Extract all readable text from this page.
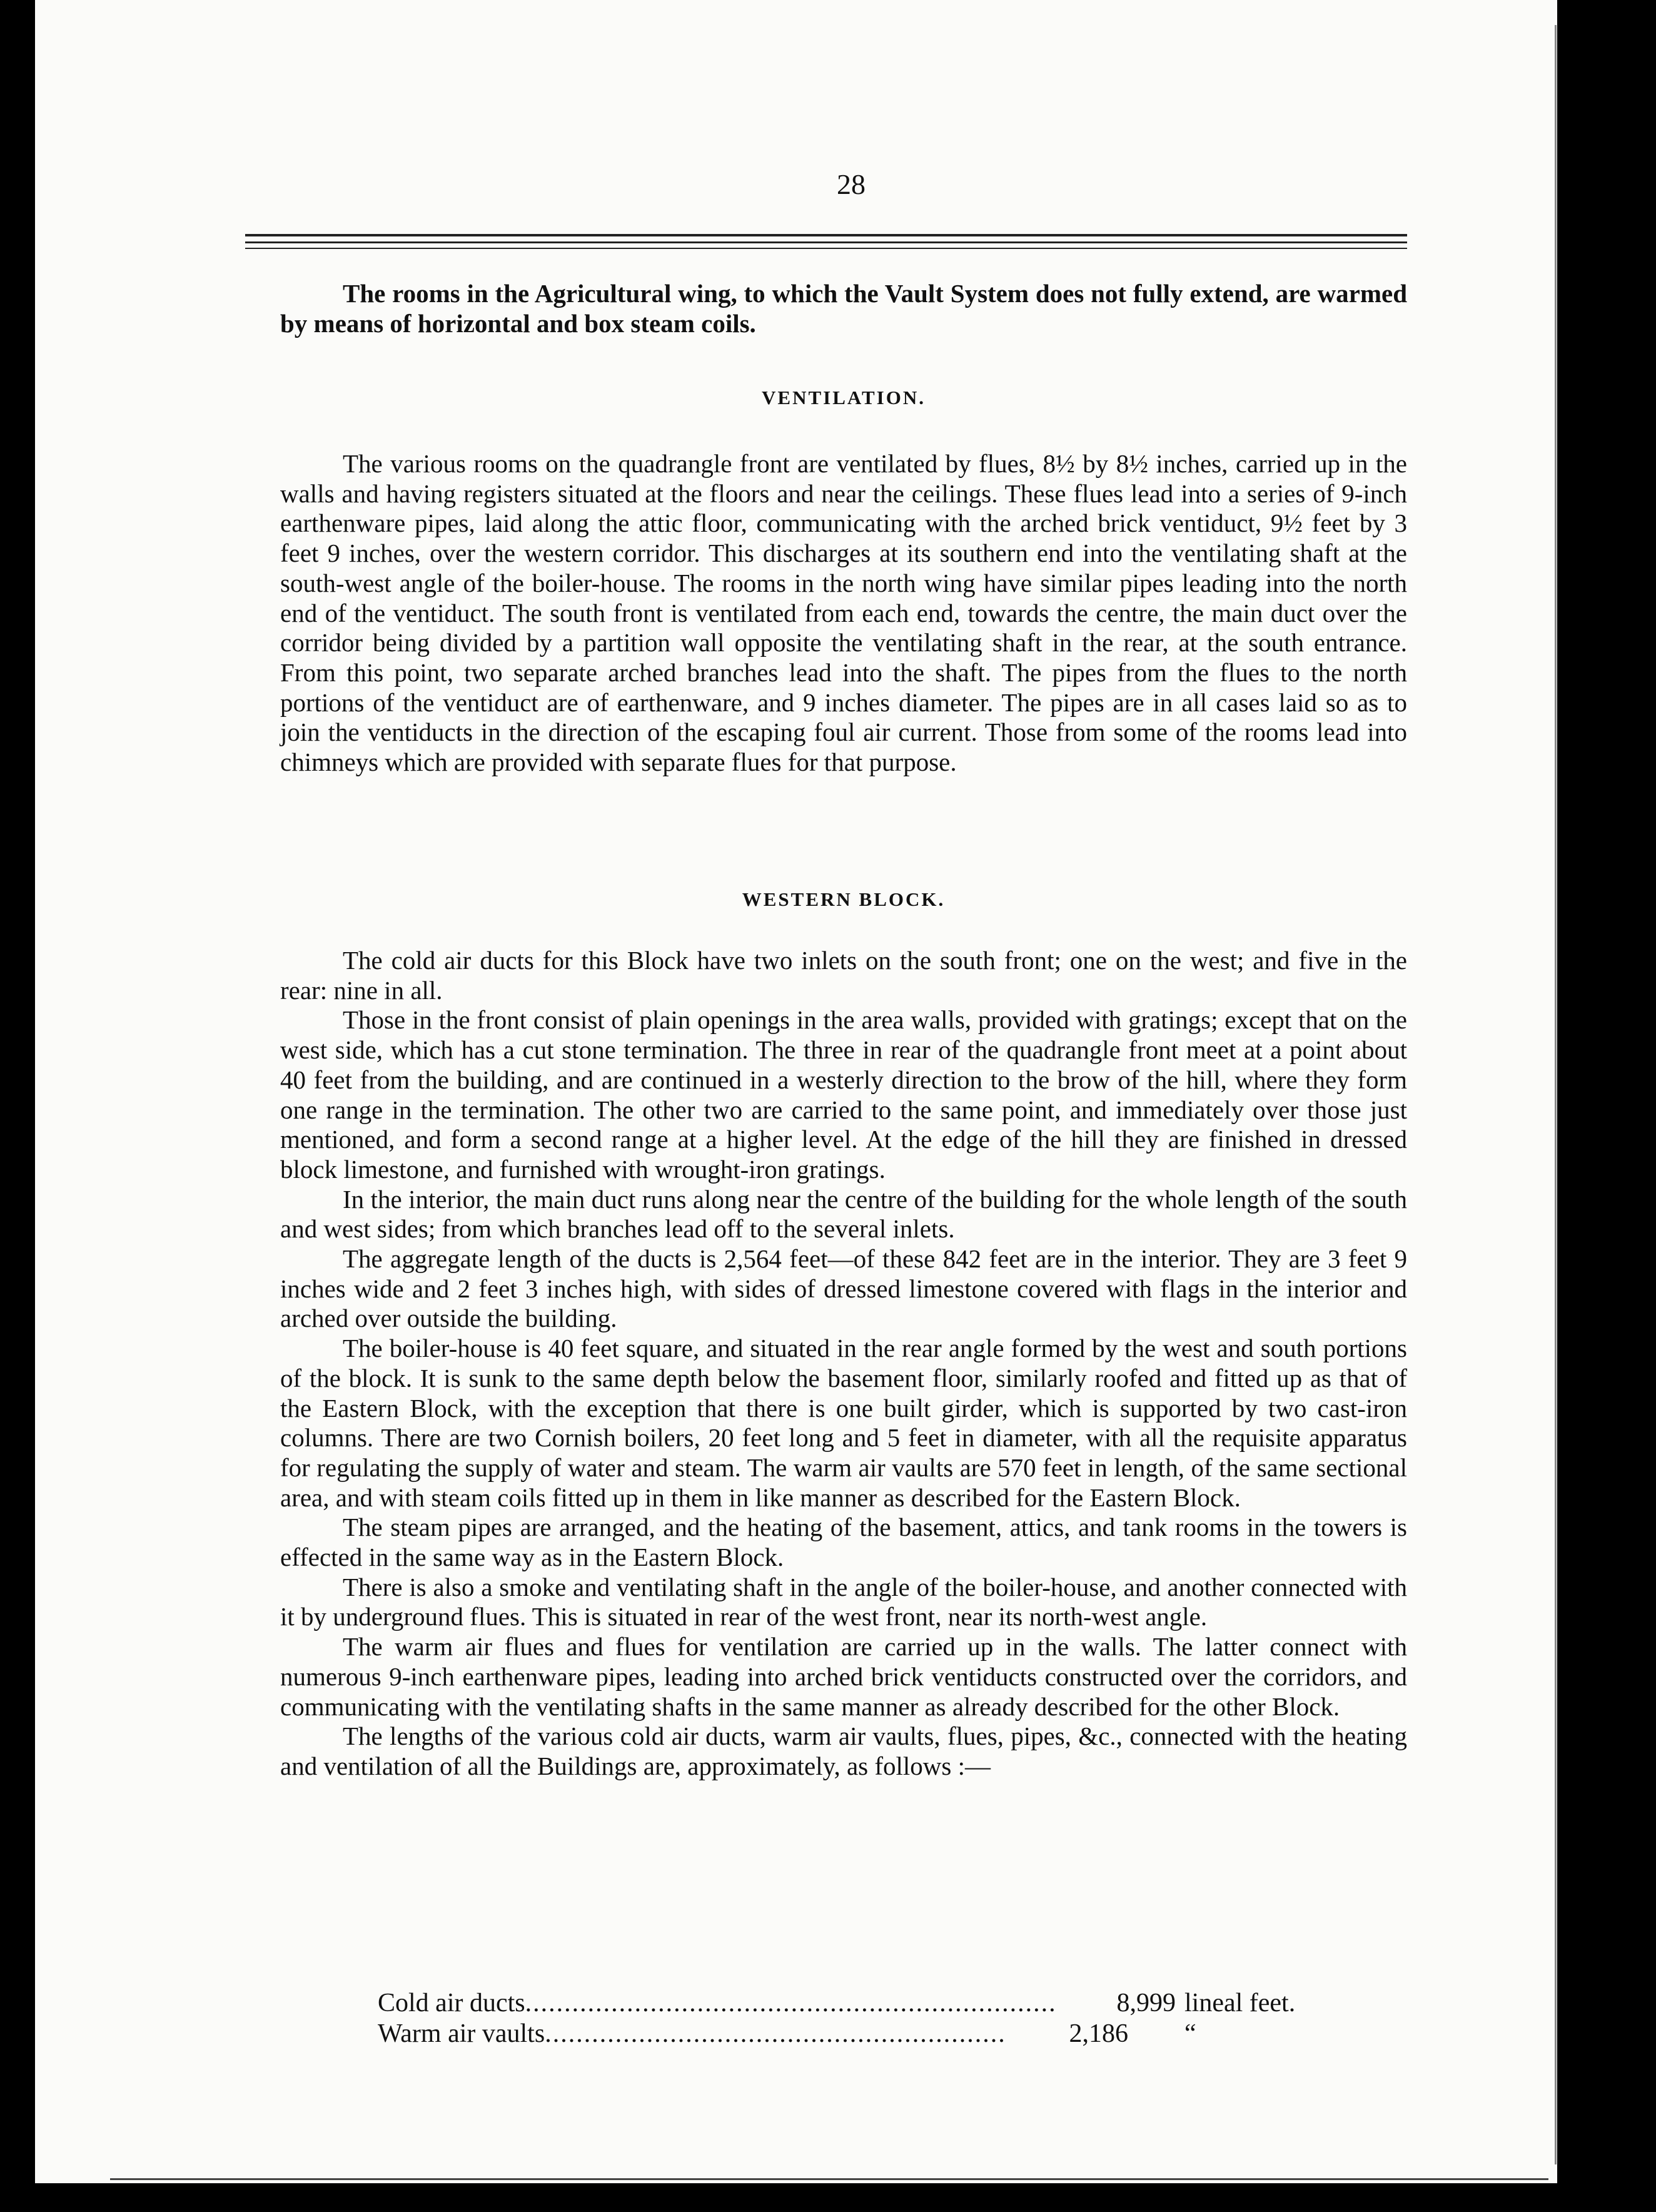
28

The rooms in the Agricultural wing, to which the Vault System does not fully extend, are warmed by means of horizontal and box steam coils.

VENTILATION.

The various rooms on the quadrangle front are ventilated by flues, 8½ by 8½ inches, carried up in the walls and having registers situated at the floors and near the ceilings. These flues lead into a series of 9-inch earthenware pipes, laid along the attic floor, communicating with the arched brick ventiduct, 9½ feet by 3 feet 9 inches, over the western corridor. This discharges at its southern end into the ventilating shaft at the south-west angle of the boiler-house. The rooms in the north wing have similar pipes leading into the north end of the ventiduct. The south front is ventilated from each end, towards the centre, the main duct over the corridor being divided by a partition wall opposite the ventilating shaft in the rear, at the south entrance. From this point, two separate arched branches lead into the shaft. The pipes from the flues to the north portions of the ventiduct are of earthenware, and 9 inches diameter. The pipes are in all cases laid so as to join the ventiducts in the direction of the escaping foul air current. Those from some of the rooms lead into chimneys which are provided with separate flues for that purpose.

WESTERN BLOCK.

The cold air ducts for this Block have two inlets on the south front; one on the west; and five in the rear: nine in all.

Those in the front consist of plain openings in the area walls, provided with gratings; except that on the west side, which has a cut stone termination. The three in rear of the quadrangle front meet at a point about 40 feet from the building, and are continued in a westerly direction to the brow of the hill, where they form one range in the termination. The other two are carried to the same point, and immediately over those just mentioned, and form a second range at a higher level. At the edge of the hill they are finished in dressed block limestone, and furnished with wrought-iron gratings.

In the interior, the main duct runs along near the centre of the building for the whole length of the south and west sides; from which branches lead off to the several inlets.

The aggregate length of the ducts is 2,564 feet—of these 842 feet are in the interior. They are 3 feet 9 inches wide and 2 feet 3 inches high, with sides of dressed limestone covered with flags in the interior and arched over outside the building.

The boiler-house is 40 feet square, and situated in the rear angle formed by the west and south portions of the block. It is sunk to the same depth below the basement floor, similarly roofed and fitted up as that of the Eastern Block, with the exception that there is one built girder, which is supported by two cast-iron columns. There are two Cornish boilers, 20 feet long and 5 feet in diameter, with all the requisite apparatus for regulating the supply of water and steam. The warm air vaults are 570 feet in length, of the same sectional area, and with steam coils fitted up in them in like manner as described for the Eastern Block.

The steam pipes are arranged, and the heating of the basement, attics, and tank rooms in the towers is effected in the same way as in the Eastern Block.

There is also a smoke and ventilating shaft in the angle of the boiler-house, and another connected with it by underground flues. This is situated in rear of the west front, near its north-west angle.

The warm air flues and flues for ventilation are carried up in the walls. The latter connect with numerous 9-inch earthenware pipes, leading into arched brick ventiducts constructed over the corridors, and communicating with the ventilating shafts in the same manner as already described for the other Block.

The lengths of the various cold air ducts, warm air vaults, flues, pipes, &c., connected with the heating and ventilation of all the Buildings are, approximately, as follows :—

Cold air ducts .....	8,999 lineal feet.
Warm air vaults .....	2,186	“
